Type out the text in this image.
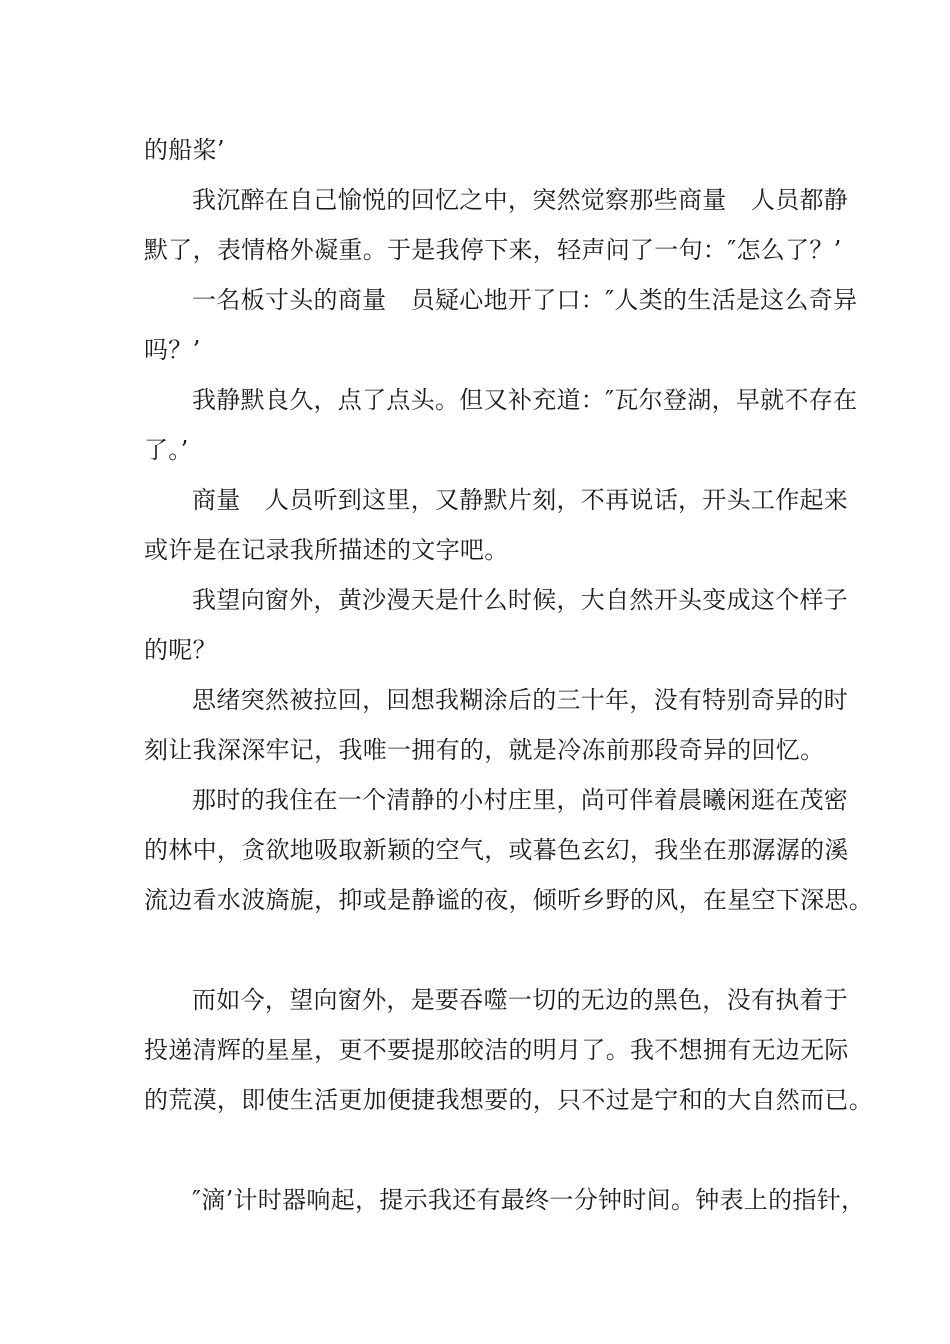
的船桨’
我沉醉在自己愉悦的回忆之中，突然觉察那些商量　人员都静
默了，表情格外凝重。于是我停下来，轻声问了一句：″怎么了？’
一名板寸头的商量　员疑心地开了口：″人类的生活是这么奇异
吗？’
我静默良久，点了点头。但又补充道：″瓦尔登湖，早就不存在
了。’
商量　人员听到这里，又静默片刻，不再说话，开头工作起来
或许是在记录我所描述的文字吧。
我望向窗外，黄沙漫天是什么时候，大自然开头变成这个样子
的呢？
思绪突然被拉回，回想我糊涂后的三十年，没有特别奇异的时
刻让我深深牢记，我唯一拥有的，就是冷冻前那段奇异的回忆。
那时的我住在一个清静的小村庄里，尚可伴着晨曦闲逛在茂密
的林中，贪欲地吸取新颖的空气，或暮色玄幻，我坐在那潺潺的溪
流边看水波旖旎，抑或是静谧的夜，倾听乡野的风，在星空下深思。
而如今，望向窗外，是要吞噬一切的无边的黑色，没有执着于
投递清辉的星星，更不要提那皎洁的明月了。我不想拥有无边无际
的荒漠，即使生活更加便捷我想要的，只不过是宁和的大自然而已。
″滴’计时器响起，提示我还有最终一分钟时间。钟表上的指针，
